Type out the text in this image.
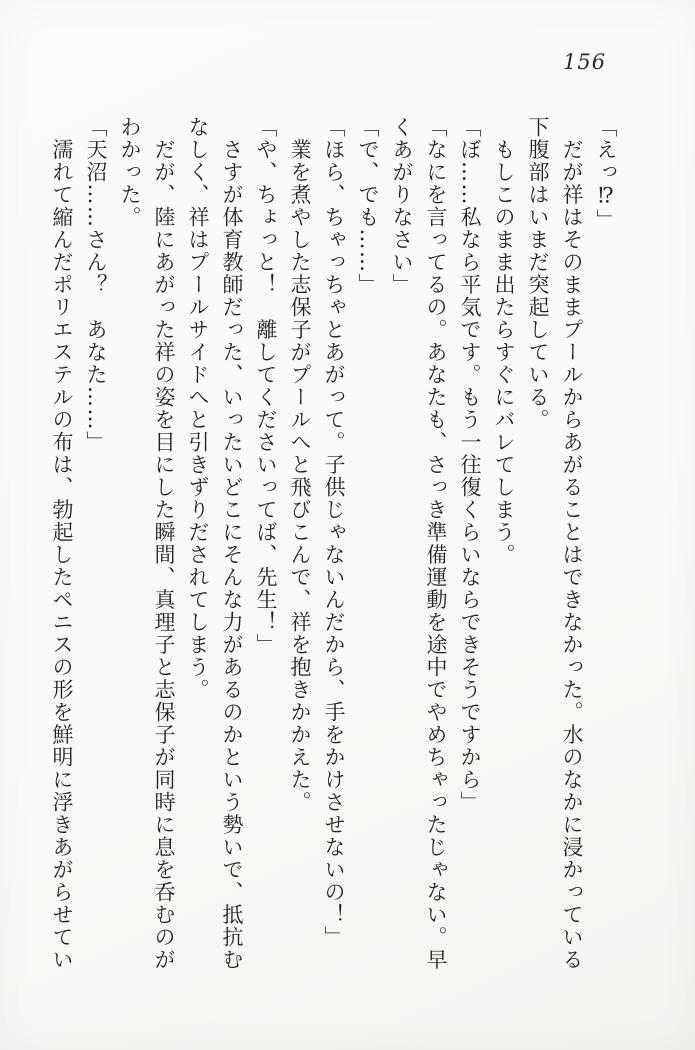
156

「えっ⁉」

　だが祥はそのままプールからあがることはできなかった。水のなかに浸かっている下腹部はいまだ突起している。

　もしこのまま出たらすぐにバレてしまう。

「ぼ……私なら平気です。もう一往復くらいならできそうですから」

「なにを言ってるの。あなたも、さっき準備運動を途中でやめちゃったじゃない。早くあがりなさい」

「で、でも……」

「ほら、ちゃっちゃとあがって。子供じゃないんだから、手をかけさせないの！」

　業を煮やした志保子がプールへと飛びこんで、祥を抱きかかえた。

「や、ちょっと！　離してくださいってば、先生！」

　さすが体育教師だった、いったいどこにそんな力があるのかという勢いで、抵抗むなしく、祥はプールサイドへと引きずりだされてしまう。

　だが、陸にあがった祥の姿を目にした瞬間、真理子と志保子が同時に息を呑むのがわかった。

「天沼……さん？　あなた……」

　濡れて縮んだポリエステルの布は、勃起したペニスの形を鮮明に浮きあがらせてい
